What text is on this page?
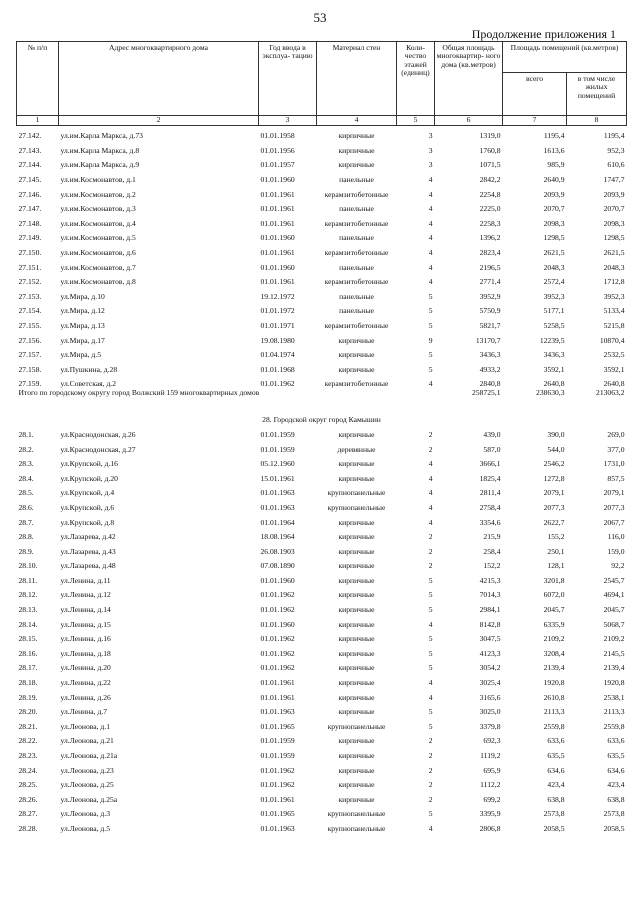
53
Продолжение приложения 1
№ п/п	Адрес многоквартирного дома	Год ввода в эксплуа- тацию	Материал стен	Коли- чество этажей (единиц)	Общая площадь многоквартир- ного дома (кв.метров)	Площадь помещений (кв.метров)	
						всего	в том числе жилых помещений
1	2	3	4	5	6	7	8
27.142.	ул.им.Карла Маркса, д.73	01.01.1958	кирпичные	3	1319,0	1195,4	1195,4
27.143.	ул.им.Карла Маркса, д.8	01.01.1956	кирпичные	3	1760,8	1613,6	952,3
27.144.	ул.им.Карла Маркса, д.9	01.01.1957	кирпичные	3	1071,5	985,9	610,6
27.145.	ул.им.Космонавтов, д.1	01.01.1960	панельные	4	2842,2	2640,9	1747,7
27.146.	ул.им.Космонавтов, д.2	01.01.1961	керамзитобетонные	4	2254,8	2093,9	2093,9
27.147.	ул.им.Космонавтов, д.3	01.01.1961	панельные	4	2225,0	2070,7	2070,7
27.148.	ул.им.Космонавтов, д.4	01.01.1961	керамзитобетонные	4	2258,3	2098,3	2098,3
27.149.	ул.им.Космонавтов, д.5	01.01.1960	панельные	4	1396,2	1298,5	1298,5
27.150.	ул.им.Космонавтов, д.6	01.01.1961	керамзитобетонные	4	2823,4	2621,5	2621,5
27.151.	ул.им.Космонавтов, д.7	01.01.1960	панельные	4	2196,5	2048,3	2048,3
27.152.	ул.им.Космонавтов, д.8	01.01.1961	керамзитобетонные	4	2771,4	2572,4	1712,8
27.153.	ул.Мира, д.10	19.12.1972	панельные	5	3952,9	3952,3	3952,3
27.154.	ул.Мира, д.12	01.01.1972	панельные	5	5750,9	5177,1	5133,4
27.155.	ул.Мира, д.13	01.01.1971	керамзитобетонные	5	5821,7	5258,5	5215,8
27.156.	ул.Мира, д.17	19.08.1980	кирпичные	9	13170,7	12239,5	10870,4
27.157.	ул.Мира, д.5	01.04.1974	кирпичные	5	3436,3	3436,3	2532,5
27.158.	ул.Пушкина, д.28	01.01.1968	кирпичные	5	4933,2	3592,1	3592,1
27.159.	ул.Советская, д.2	01.01.1962	керамзитобетонные	4	2840,8	2640,8	2640,8
Итого по городскому округу город Волжский 159 многоквартирных домов					258725,1	238630,3	213063,2
28. Городской округ город Камышин							
28.1.	ул.Краснодонская, д.26	01.01.1959	кирпичные	2	439,0	390,0	269,0
28.2.	ул.Краснодонская, д.27	01.01.1959	деревянные	2	587,0	544,0	377,0
28.3.	ул.Крупской, д.16	05.12.1960	кирпичные	4	3666,1	2546,2	1731,0
28.4.	ул.Крупской, д.20	15.01.1961	кирпичные	4	1825,4	1272,8	857,5
28.5.	ул.Крупской, д.4	01.01.1963	крупнопанельные	4	2811,4	2079,1	2079,1
28.6.	ул.Крупской, д.6	01.01.1963	крупнопанельные	4	2758,4	2077,3	2077,3
28.7.	ул.Крупской, д.8	01.01.1964	кирпичные	4	3354,6	2622,7	2067,7
28.8.	ул.Лазарева, д.42	18.08.1964	кирпичные	2	215,9	155,2	116,0
28.9.	ул.Лазарева, д.43	26.08.1903	кирпичные	2	258,4	250,1	159,0
28.10.	ул.Лазарева, д.48	07.08.1890	кирпичные	2	152,2	128,1	92,2
28.11.	ул.Ленина, д.11	01.01.1960	кирпичные	5	4215,3	3201,8	2545,7
28.12.	ул.Ленина, д.12	01.01.1962	кирпичные	5	7014,3	6072,0	4694,1
28.13.	ул.Ленина, д.14	01.01.1962	кирпичные	5	2984,1	2045,7	2045,7
28.14.	ул.Ленина, д.15	01.01.1960	кирпичные	4	8142,8	6335,9	5068,7
28.15.	ул.Ленина, д.16	01.01.1962	кирпичные	5	3047,5	2109,2	2109,2
28.16.	ул.Ленина, д.18	01.01.1962	кирпичные	5	4123,3	3208,4	2145,5
28.17.	ул.Ленина, д.20	01.01.1962	кирпичные	5	3054,2	2139,4	2139,4
28.18.	ул.Ленина, д.22	01.01.1961	кирпичные	4	3025,4	1920,8	1920,8
28.19.	ул.Ленина, д.26	01.01.1961	кирпичные	4	3165,6	2610,8	2538,1
28.20.	ул.Ленина, д.7	01.01.1963	кирпичные	5	3025,0	2113,3	2113,3
28.21.	ул.Леонова, д.1	01.01.1965	крупнопанельные	5	3379,8	2559,8	2559,8
28.22.	ул.Леонова, д.21	01.01.1959	кирпичные	2	692,3	633,6	633,6
28.23.	ул.Леонова, д.21а	01.01.1959	кирпичные	2	1119,2	635,5	635,5
28.24.	ул.Леонова, д.23	01.01.1962	кирпичные	2	695,9	634,6	634,6
28.25.	ул.Леонова, д.25	01.01.1962	кирпичные	2	1112,2	423,4	423,4
28.26.	ул.Леонова, д.25а	01.01.1961	кирпичные	2	699,2	638,8	638,8
28.27.	ул.Леонова, д.3	01.01.1965	крупнопанельные	5	3395,9	2573,8	2573,8
28.28.	ул.Леонова, д.5	01.01.1963	крупнопанельные	4	2806,8	2058,5	2058,5
